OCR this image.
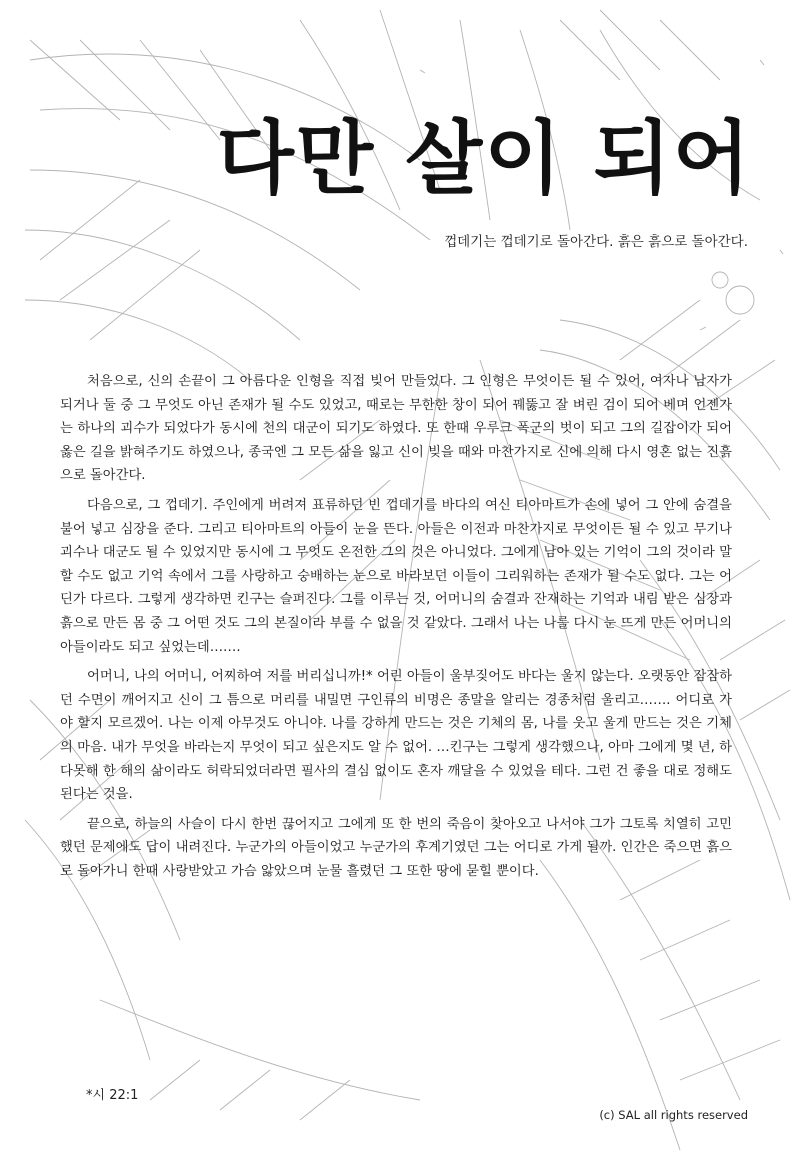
다만 살이 되어

껍데기는 껍데기로 돌아간다. 흙은 흙으로 돌아간다.

처음으로, 신의 손끝이 그 아름다운 인형을 직접 빚어 만들었다. 그 인형은 무엇이든 될 수 있어, 여자나 남자가 되거나 둘 중 그 무엇도 아닌 존재가 될 수도 있었고, 때로는 무한한 창이 되어 꿰뚫고 잘 벼린 검이 되어 베며 언젠가는 하나의 괴수가 되었다가 동시에 천의 대군이 되기도 하였다. 또 한때 우루크 폭군의 벗이 되고 그의 길잡이가 되어 옳은 길을 밝혀주기도 하였으나, 종국엔 그 모든 삶을 잃고 신이 빚을 때와 마찬가지로 신에 의해 다시 영혼 없는 진흙으로 돌아간다.

다음으로, 그 껍데기. 주인에게 버려져 표류하던 빈 껍데기를 바다의 여신 티아마트가 손에 넣어 그 안에 숨결을 불어 넣고 심장을 준다. 그리고 티아마트의 아들이 눈을 뜬다. 아들은 이전과 마찬가지로 무엇이든 될 수 있고 무기나 괴수나 대군도 될 수 있었지만 동시에 그 무엇도 온전한 그의 것은 아니었다. 그에게 남아 있는 기억이 그의 것이라 말할 수도 없고 기억 속에서 그를 사랑하고 숭배하는 눈으로 바라보던 이들이 그리워하는 존재가 될 수도 없다. 그는 어딘가 다르다. 그렇게 생각하면 킨구는 슬퍼진다. 그를 이루는 것, 어머니의 숨결과 잔재하는 기억과 내림 받은 심장과 흙으로 만든 몸 중 그 어떤 것도 그의 본질이라 부를 수 없을 것 같았다. 그래서 나는 나를 다시 눈 뜨게 만든 어머니의 아들이라도 되고 싶었는데…….

어머니, 나의 어머니, 어찌하여 저를 버리십니까!* 어린 아들이 울부짖어도 바다는 울지 않는다. 오랫동안 잠잠하던 수면이 깨어지고 신이 그 틈으로 머리를 내밀면 구인류의 비명은 종말을 알리는 경종처럼 울리고……. 어디로 가야 할지 모르겠어. 나는 이제 아무것도 아니야. 나를 강하게 만드는 것은 기체의 몸, 나를 웃고 울게 만드는 것은 기체의 마음. 내가 무엇을 바라는지 무엇이 되고 싶은지도 알 수 없어. …킨구는 그렇게 생각했으나, 아마 그에게 몇 년, 하다못해 한 해의 삶이라도 허락되었더라면 필사의 결심 없이도 혼자 깨달을 수 있었을 테다. 그런 건 좋을 대로 정해도 된다는 것을.

끝으로, 하늘의 사슬이 다시 한번 끊어지고 그에게 또 한 번의 죽음이 찾아오고 나서야 그가 그토록 치열히 고민했던 문제에도 답이 내려진다. 누군가의 아들이었고 누군가의 후계기였던 그는 어디로 가게 될까. 인간은 죽으면 흙으로 돌아가니 한때 사랑받았고 가슴 앓았으며 눈물 흘렸던 그 또한 땅에 묻힐 뿐이다.

*시 22:1
(c) SAL all rights reserved
